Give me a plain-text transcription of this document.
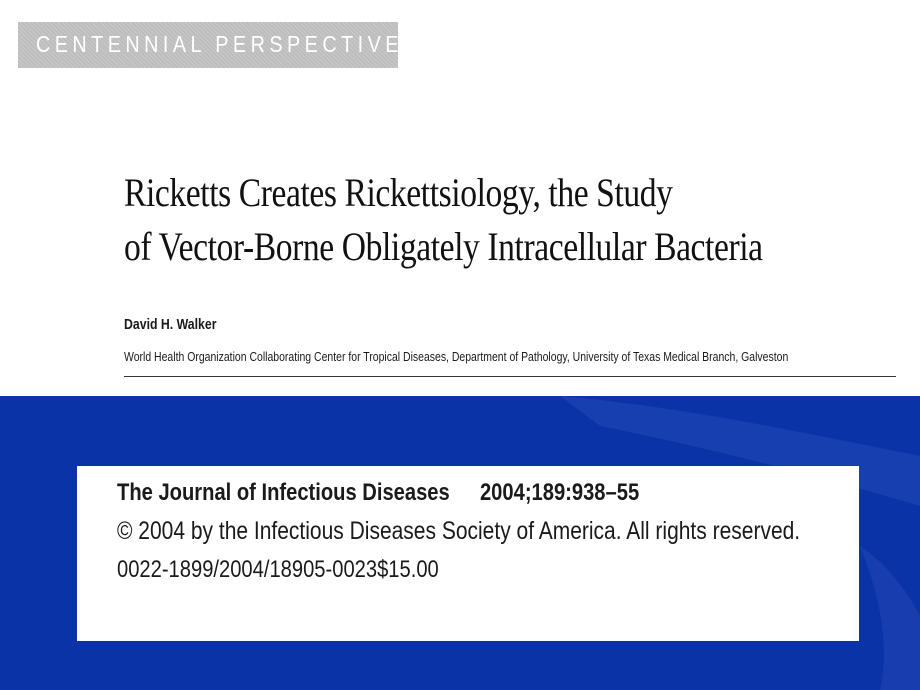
CENTENNIAL PERSPECTIVE
Ricketts Creates Rickettsiology, the Study
of Vector-Borne Obligately Intracellular Bacteria
David H. Walker
World Health Organization Collaborating Center for Tropical Diseases, Department of Pathology, University of Texas Medical Branch, Galveston
The Journal of Infectious Diseases 2004;189:938–55
© 2004 by the Infectious Diseases Society of America. All rights reserved.
0022-1899/2004/18905-0023$15.00
